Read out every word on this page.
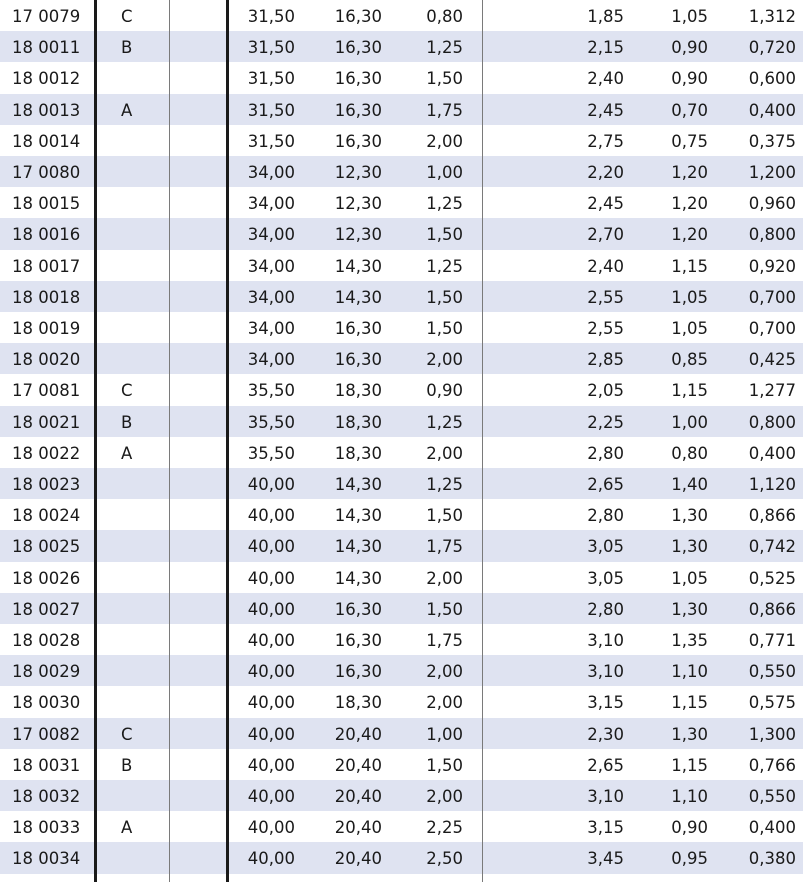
17 0079 C	31,50 16,30	0,80	1,85	1,05 1,312
18 0011 B	31,50 16,30	1,25	2,15	0,90 0,720
18 0012	31,50 16,30	1,50	2,40	0,90 0,600
18 0013 A	31,50 16,30	1,75	2,45	0,70 0,400
18 0014	31,50 16,30	2,00	2,75	0,75 0,375
17 0080	34,00 12,30	1,00	2,20	1,20 1,200
18 0015	34,00 12,30	1,25	2,45	1,20 0,960
18 0016	34,00 12,30	1,50	2,70	1,20 0,800
18 0017	34,00 14,30	1,25	2,40	1,15 0,920
18 0018	34,00 14,30	1,50	2,55	1,05 0,700
18 0019	34,00 16,30	1,50	2,55	1,05 0,700
18 0020	34,00 16,30	2,00	2,85	0,85 0,425
17 0081 C	35,50 18,30	0,90	2,05	1,15 1,277
18 0021 B	35,50 18,30	1,25	2,25	1,00 0,800
18 0022 A	35,50 18,30	2,00	2,80	0,80 0,400
18 0023	40,00 14,30	1,25	2,65	1,40 1,120
18 0024	40,00 14,30	1,50	2,80	1,30 0,866
18 0025	40,00 14,30	1,75	3,05	1,30 0,742
18 0026	40,00 14,30	2,00	3,05	1,05 0,525
18 0027	40,00 16,30	1,50	2,80	1,30 0,866
18 0028	40,00 16,30	1,75	3,10	1,35 0,771
18 0029	40,00 16,30	2,00	3,10	1,10 0,550
18 0030	40,00 18,30	2,00	3,15	1,15 0,575
17 0082 C	40,00 20,40	1,00	2,30	1,30 1,300
18 0031 B	40,00 20,40	1,50	2,65	1,15 0,766
18 0032	40,00 20,40	2,00	3,10	1,10 0,550
18 0033 A	40,00 20,40	2,25	3,15	0,90 0,400
18 0034	40,00 20,40	2,50	3,45	0,95 0,380
